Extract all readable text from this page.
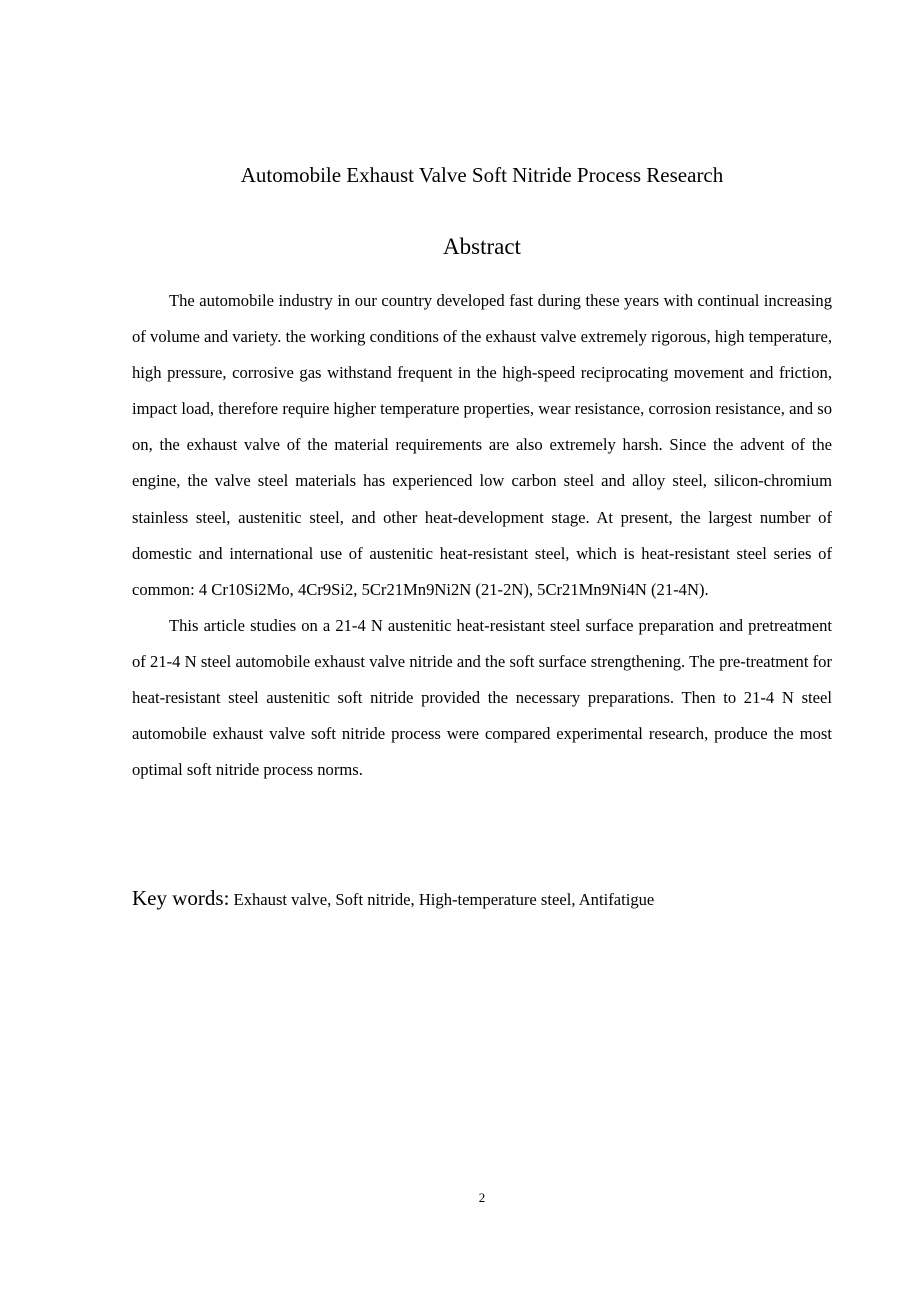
Automobile Exhaust Valve Soft Nitride Process Research
Abstract

The automobile industry in our country developed fast during these years with continual increasing of volume and variety. the working conditions of the exhaust valve extremely rigorous, high temperature, high pressure, corrosive gas withstand frequent in the high-speed reciprocating movement and friction, impact load, therefore require higher temperature properties, wear resistance, corrosion resistance, and so on, the exhaust valve of the material requirements are also extremely harsh. Since the advent of the engine, the valve steel materials has experienced low carbon steel and alloy steel, silicon-chromium stainless steel, austenitic steel, and other heat-development stage. At present, the largest number of domestic and international use of austenitic heat-resistant steel, which is heat-resistant steel series of common: 4 Cr10Si2Mo, 4Cr9Si2, 5Cr21Mn9Ni2N (21-2N), 5Cr21Mn9Ni4N (21-4N).

This article studies on a 21-4 N austenitic heat-resistant steel surface preparation and pretreatment of 21-4 N steel automobile exhaust valve nitride and the soft surface strengthening. The pre-treatment for heat-resistant steel austenitic soft nitride provided the necessary preparations. Then to 21-4 N steel automobile exhaust valve soft nitride process were compared experimental research, produce the most optimal soft nitride process norms.

Key words: Exhaust valve, Soft nitride, High-temperature steel, Antifatigue
2
